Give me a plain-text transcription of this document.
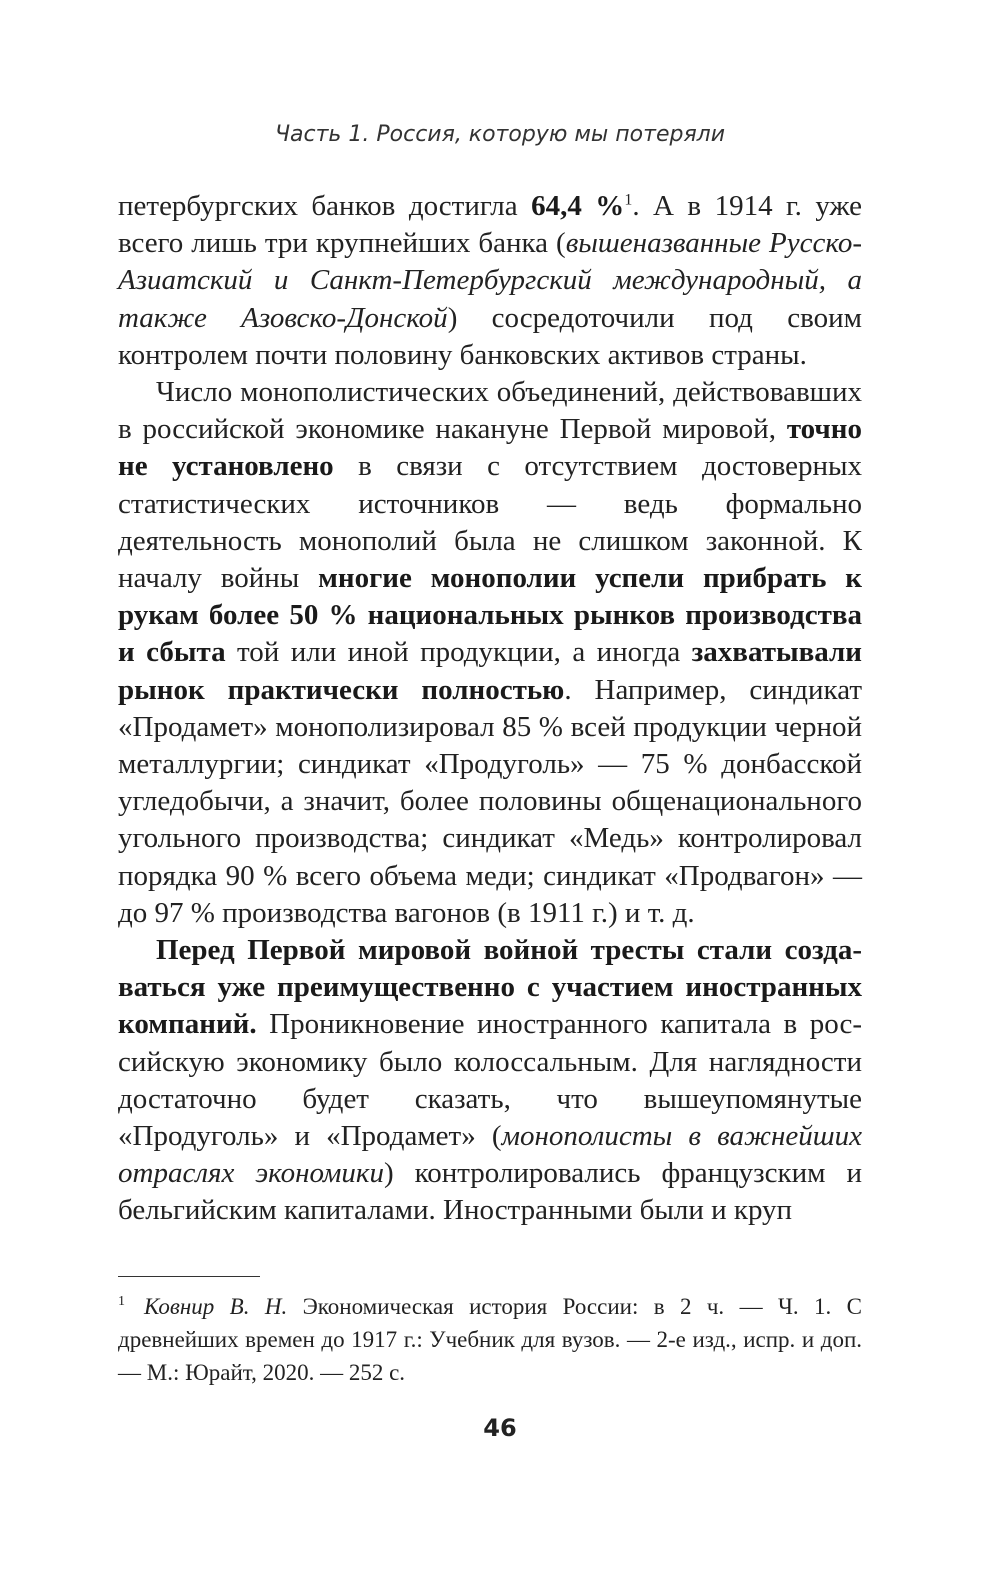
Часть 1. Россия, которую мы потеряли

петербургских банков достигла 64,4 %$^1$. А в 1914 г. уже всего лишь три крупнейших банка (вышеназванные Русско-Азиатский и Санкт-Петербургский международный, а также Азовско-Донской) сосредоточили под своим контролем почти половину банковских активов страны.

Число монополистических объединений, действовавших в российской экономике накануне Первой мировой, точно не установлено в связи с отсутствием достоверных статистических источников — ведь формально деятельность монополий была не слишком законной. К началу войны многие монополии успели прибрать к рукам более 50 % национальных рынков производства и сбыта той или иной продукции, а иногда захватывали рынок практически полностью. Например, синдикат «Продамет» монополизировал 85 % всей продукции черной металлургии; синдикат «Продуголь» — 75 % донбасской угледобычи, а значит, более половины общенационального угольного производства; синдикат «Медь» контролировал порядка 90 % всего объема меди; синдикат «Продвагон» — до 97 % производства вагонов (в 1911 г.) и т. д.

Перед Первой мировой войной тресты стали создаваться уже преимущественно с участием иностранных компаний. Проникновение иностранного капитала в российскую экономику было колоссальным. Для наглядности достаточно будет сказать, что вышеупомянутые «Продуголь» и «Продамет» (монополисты в важнейших отраслях экономики) контролировались французским и бельгийским капиталами. Иностранными были и круп

1 Ковнир В. Н. Экономическая история России: в 2 ч. — Ч. 1. С древнейших времен до 1917 г.: Учебник для вузов. — 2-е изд., испр. и доп. — М.: Юрайт, 2020. — 252 с.

46
